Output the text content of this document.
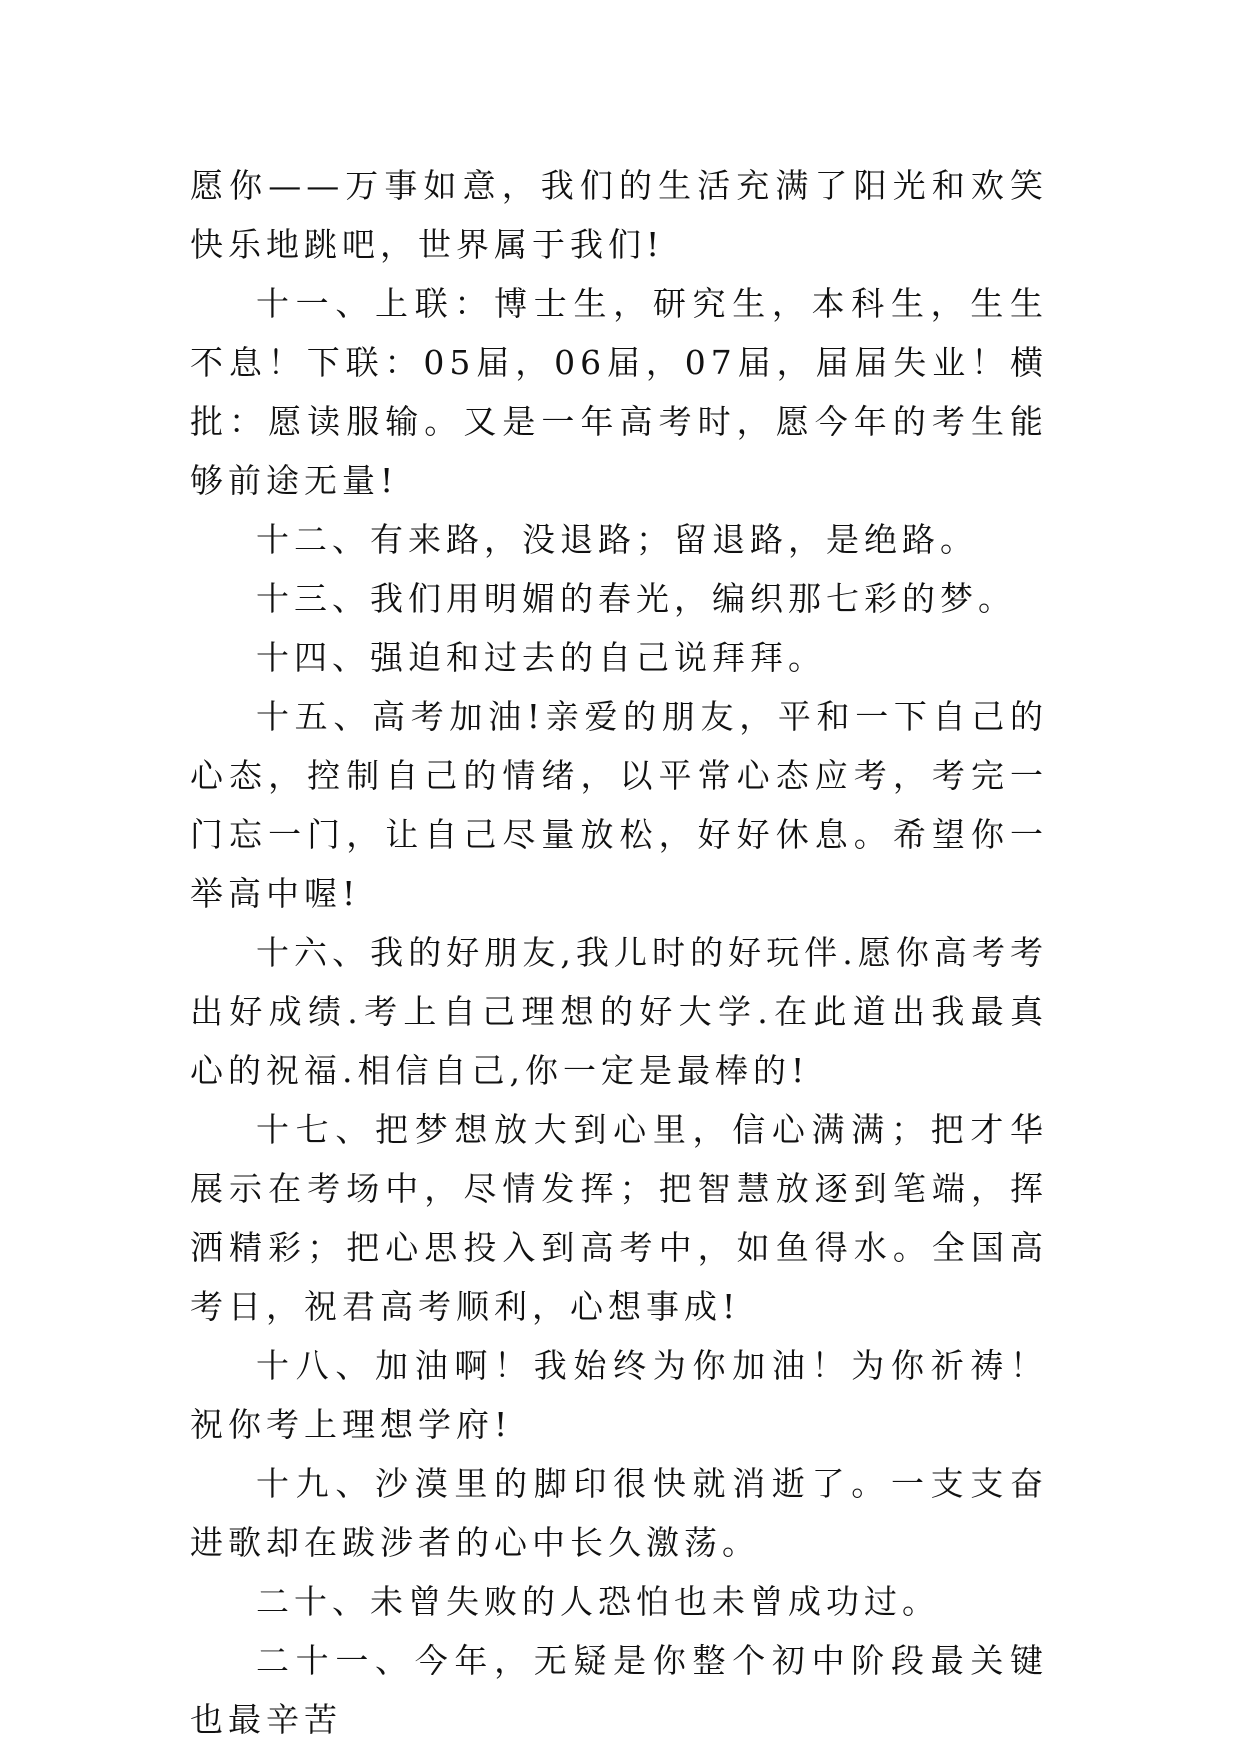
愿你——万事如意，我们的生活充满了阳光和欢笑快乐地跳吧，世界属于我们!

十一、上联：博士生，研究生，本科生，生生不息！下联：05届，06届，07届，届届失业！横批：愿读服输。又是一年高考时，愿今年的考生能够前途无量!

十二、有来路，没退路；留退路，是绝路。

十三、我们用明媚的春光，编织那七彩的梦。

十四、强迫和过去的自己说拜拜。

十五、高考加油!亲爱的朋友，平和一下自己的心态，控制自己的情绪，以平常心态应考，考完一门忘一门，让自己尽量放松，好好休息。希望你一举高中喔!

十六、我的好朋友,我儿时的好玩伴.愿你高考考出好成绩.考上自己理想的好大学.在此道出我最真心的祝福.相信自己,你一定是最棒的!

十七、把梦想放大到心里，信心满满；把才华展示在考场中，尽情发挥；把智慧放逐到笔端，挥洒精彩；把心思投入到高考中，如鱼得水。全国高考日，祝君高考顺利，心想事成!

十八、加油啊！我始终为你加油！为你祈祷！祝你考上理想学府!

十九、沙漠里的脚印很快就消逝了。一支支奋进歌却在跋涉者的心中长久激荡。

二十、未曾失败的人恐怕也未曾成功过。

二十一、今年，无疑是你整个初中阶段最关键也最辛苦
